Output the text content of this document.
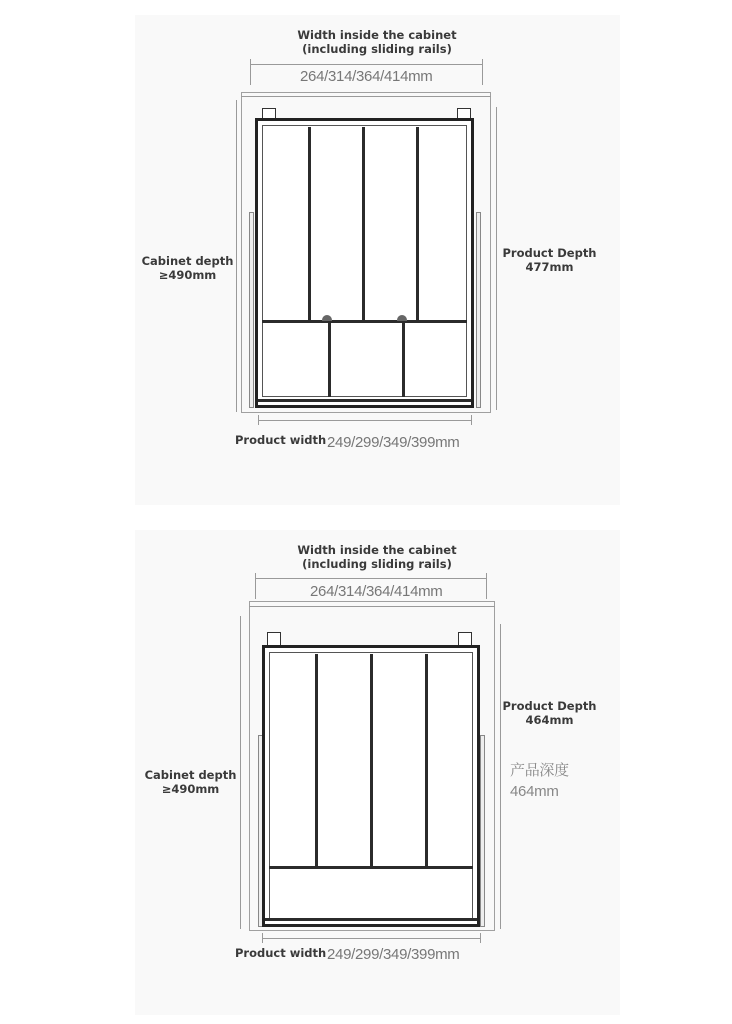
Width inside the cabinet
(including sliding rails)
264/314/364/414mm
Cabinet depth
≥490mm
Product Depth
477mm
Product width 249/299/349/399mm
Width inside the cabinet
(including sliding rails)
264/314/364/414mm
Cabinet depth
≥490mm
Product Depth
464mm
产品深度
464mm
Product width 249/299/349/399mm
